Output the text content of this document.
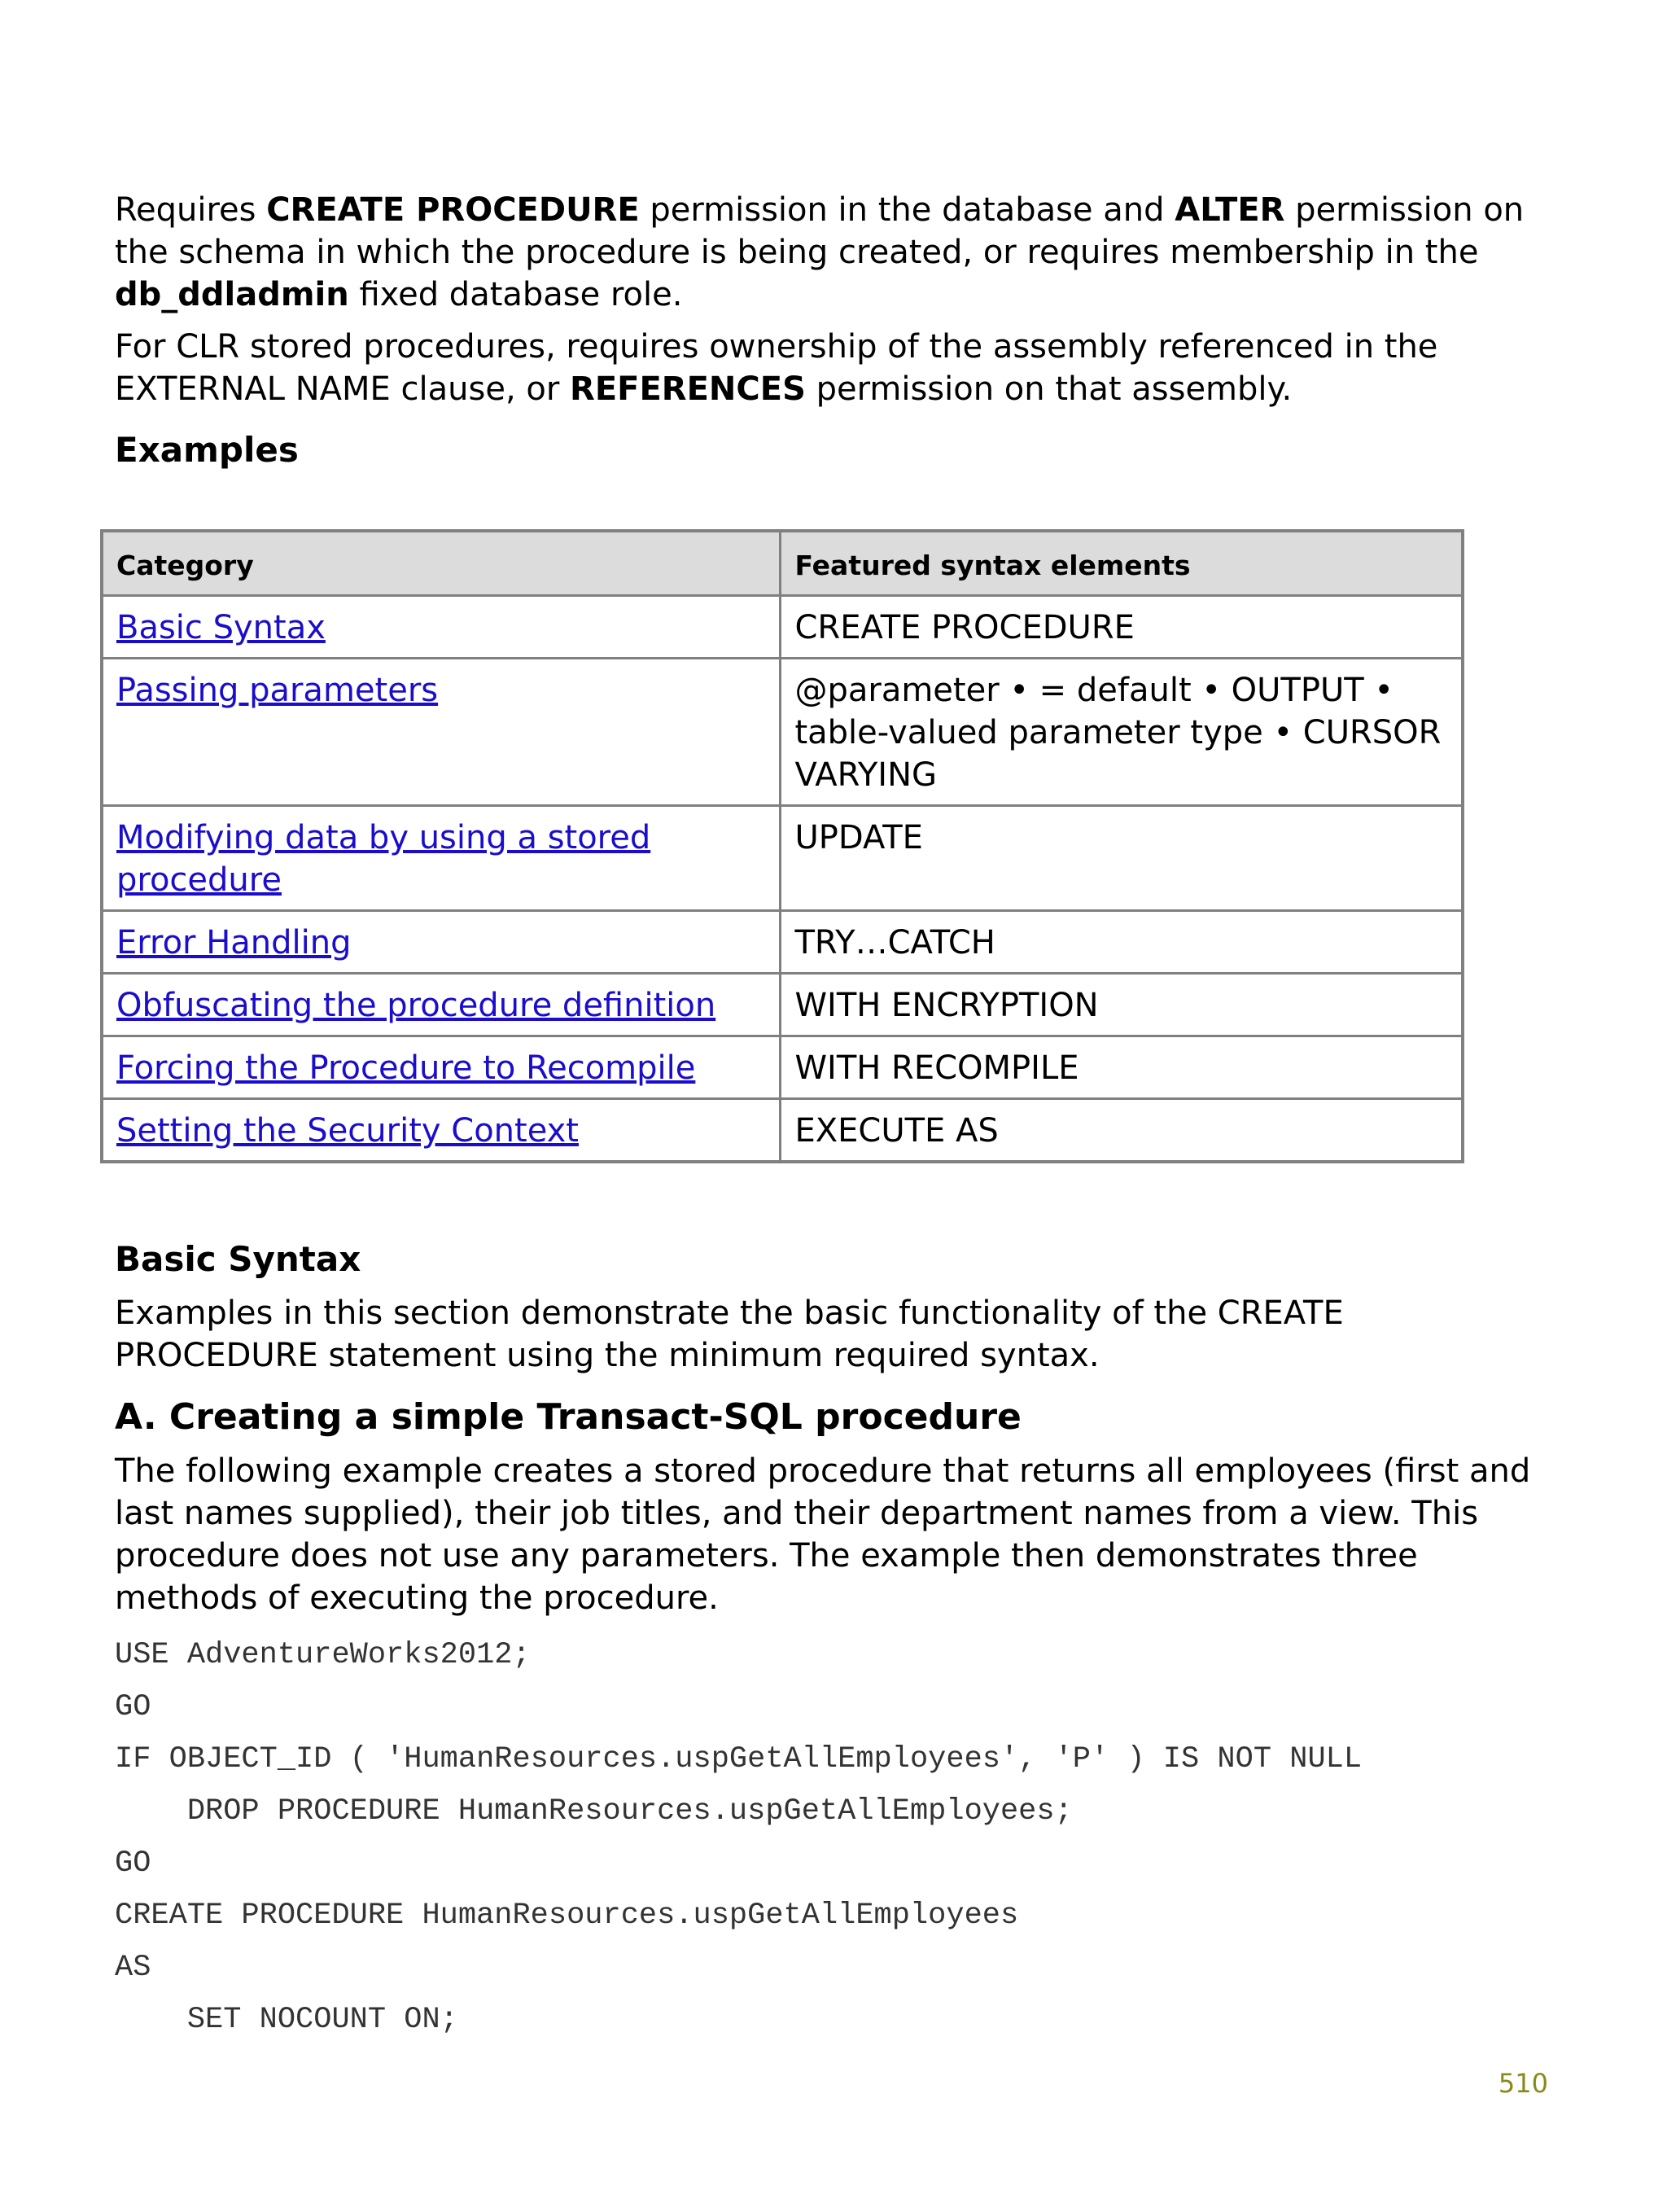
Requires CREATE PROCEDURE permission in the database and ALTER permission on the schema in which the procedure is being created, or requires membership in the db_ddladmin fixed database role.

For CLR stored procedures, requires ownership of the assembly referenced in the EXTERNAL NAME clause, or REFERENCES permission on that assembly.

Examples
Category	Featured syntax elements
Basic Syntax	CREATE PROCEDURE
Passing parameters	@parameter • = default • OUTPUT • table-valued parameter type • CURSOR VARYING
Modifying data by using a stored procedure	UPDATE
Error Handling	TRY…CATCH
Obfuscating the procedure definition	WITH ENCRYPTION
Forcing the Procedure to Recompile	WITH RECOMPILE
Setting the Security Context	EXECUTE AS
Basic Syntax

Examples in this section demonstrate the basic functionality of the CREATE PROCEDURE statement using the minimum required syntax.

A. Creating a simple Transact-SQL procedure

The following example creates a stored procedure that returns all employees (first and last names supplied), their job titles, and their department names from a view. This procedure does not use any parameters. The example then demonstrates three methods of executing the procedure.

USE AdventureWorks2012;
GO
IF OBJECT_ID ( 'HumanResources.uspGetAllEmployees', 'P' ) IS NOT NULL
DROP PROCEDURE HumanResources.uspGetAllEmployees;
GO
CREATE PROCEDURE HumanResources.uspGetAllEmployees
AS
SET NOCOUNT ON;
510
